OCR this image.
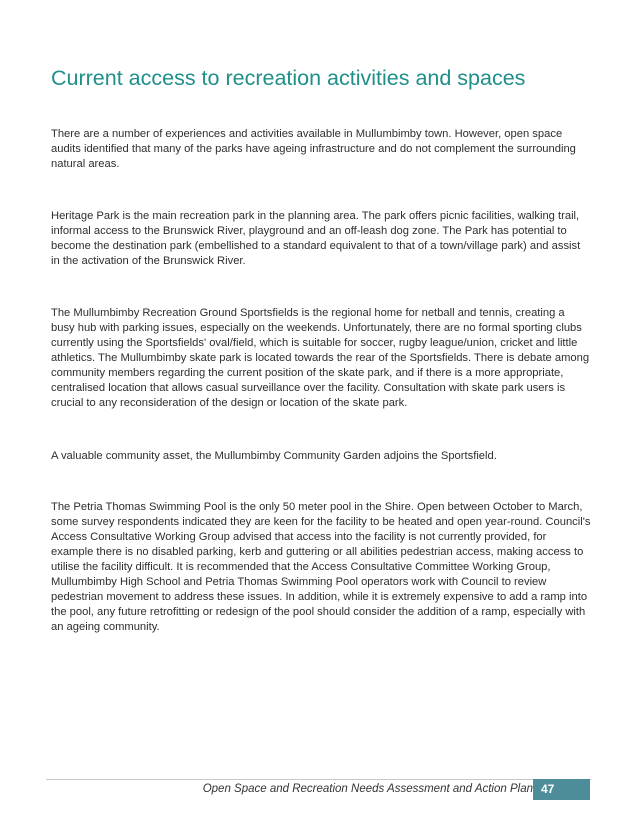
Current access to recreation activities and spaces

There are a number of experiences and activities available in Mullumbimby town. However, open space audits identified that many of the parks have ageing infrastructure and do not complement the surrounding natural areas.

Heritage Park is the main recreation park in the planning area. The park offers picnic facilities, walking trail, informal access to the Brunswick River, playground and an off-leash dog zone. The Park has potential to become the destination park (embellished to a standard equivalent to that of a town/village park) and assist in the activation of the Brunswick River.

The Mullumbimby Recreation Ground Sportsfields is the regional home for netball and tennis, creating a busy hub with parking issues, especially on the weekends. Unfortunately, there are no formal sporting clubs currently using the Sportsfields' oval/field, which is suitable for soccer, rugby league/union, cricket and little athletics. The Mullumbimby skate park is located towards the rear of the Sportsfields. There is debate among community members regarding the current position of the skate park, and if there is a more appropriate, centralised location that allows casual surveillance over the facility. Consultation with skate park users is crucial to any reconsideration of the design or location of the skate park.

A valuable community asset, the Mullumbimby Community Garden adjoins the Sportsfield.

The Petria Thomas Swimming Pool is the only 50 meter pool in the Shire. Open between October to March, some survey respondents indicated they are keen for the facility to be heated and open year-round. Council's Access Consultative Working Group advised that access into the facility is not currently provided, for example there is no disabled parking, kerb and guttering or all abilities pedestrian access, making access to utilise the facility difficult. It is recommended that the Access Consultative Committee Working Group, Mullumbimby High School and Petria Thomas Swimming Pool operators work with Council to review pedestrian movement to address these issues. In addition, while it is extremely expensive to add a ramp into the pool, any future retrofitting or redesign of the pool should consider the addition of a ramp, especially with an ageing community.

Open Space and Recreation Needs Assessment and Action Plan 47
